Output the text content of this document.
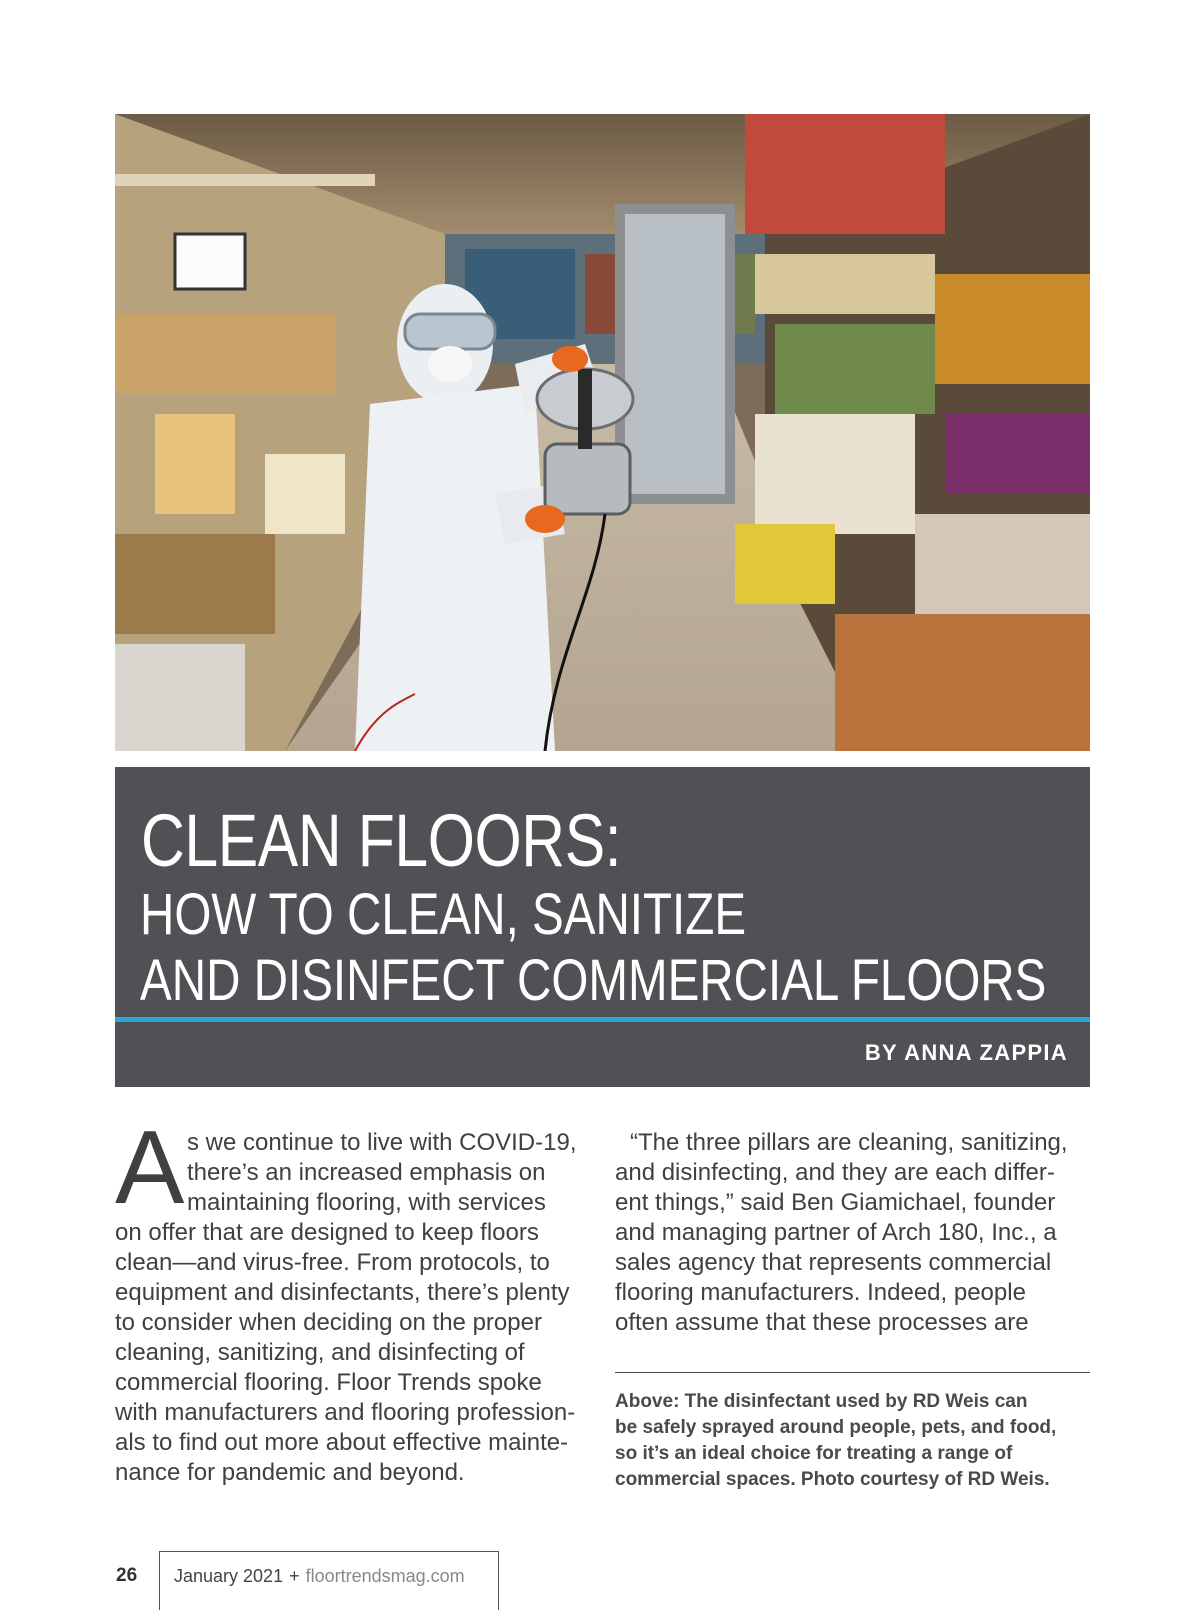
CLEAN FLOORS:
HOW TO CLEAN, SANITIZE
AND DISINFECT COMMERCIAL FLOORS

BY ANNA ZAPPIA

A s we continue to live with COVID-19,

there’s an increased emphasis on

maintaining flooring, with services

on offer that are designed to keep floors

clean—and virus-free. From protocols, to

equipment and disinfectants, there’s plenty

to consider when deciding on the proper

cleaning, sanitizing, and disinfecting of

commercial flooring. Floor Trends spoke

with manufacturers and flooring profession-

als to find out more about effective mainte-

nance for pandemic and beyond.

“The three pillars are cleaning, sanitizing,

and disinfecting, and they are each differ-

ent things,” said Ben Giamichael, founder

and managing partner of Arch 180, Inc., a

sales agency that represents commercial

flooring manufacturers. Indeed, people

often assume that these processes are

Above: The disinfectant used by RD Weis can
be safely sprayed around people, pets, and food,
so it’s an ideal choice for treating a range of
commercial spaces. Photo courtesy of RD Weis.

26 January 2021 + floortrendsmag.com
